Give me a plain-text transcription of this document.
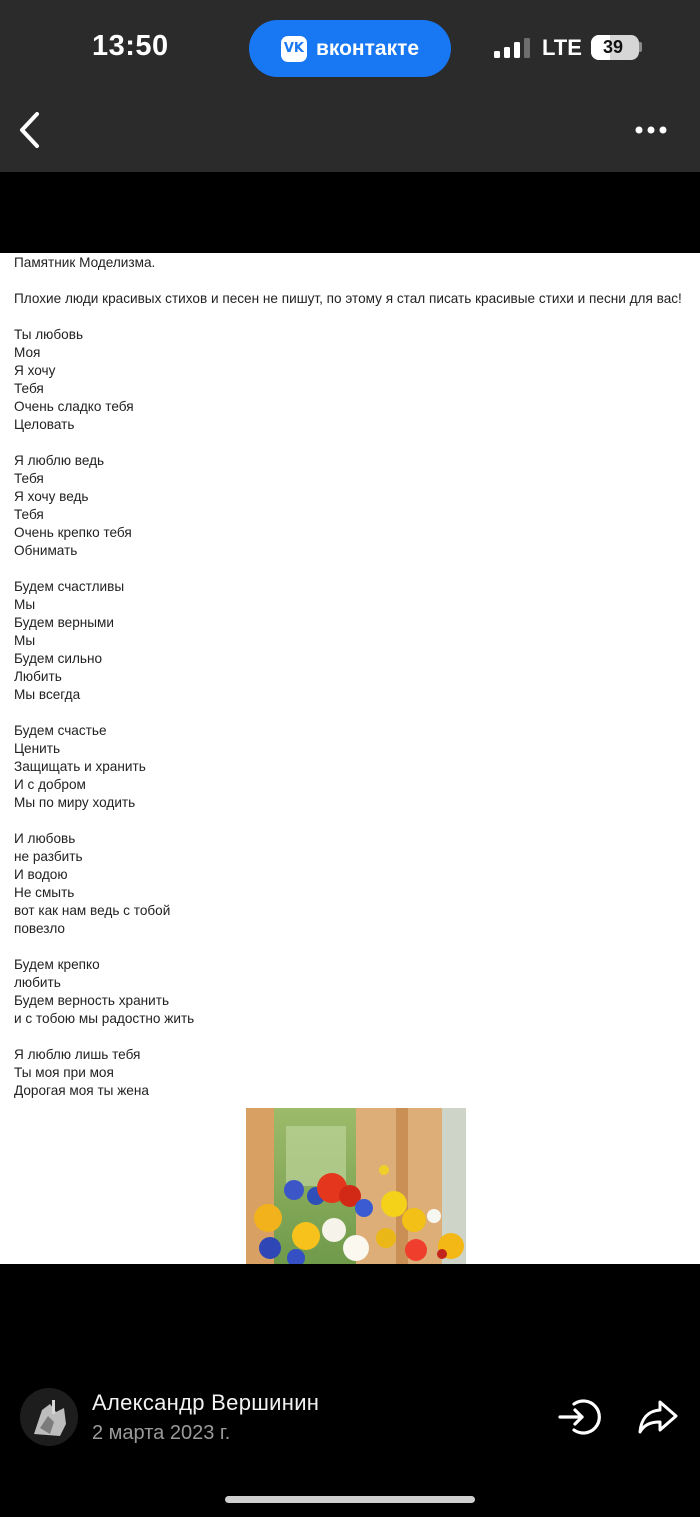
13:50	VK вконтакте	LTE	39

Памятник Моделизма.

Плохие люди красивых стихов и песен не пишут, по этому я стал писать красивые стихи и песни для вас!

Ты любовь

Моя

Я хочу

Тебя

Очень сладко тебя

Целовать

Я люблю ведь

Тебя

Я хочу ведь

Тебя

Очень крепко тебя

Обнимать

Будем счастливы

Мы

Будем верными

Мы

Будем сильно

Любить

Мы всегда

Будем счастье

Ценить

Защищать и хранить

И с добром

Мы по миру ходить

И любовь

не разбить

И водою

Не смыть

вот как нам ведь с тобой

повезло

Будем крепко

любить

Будем верность хранить

и с тобою мы радостно жить

Я люблю лишь тебя

Ты моя при моя

Дорогая моя ты жена

Александр Вершинин
2 марта 2023 г.
